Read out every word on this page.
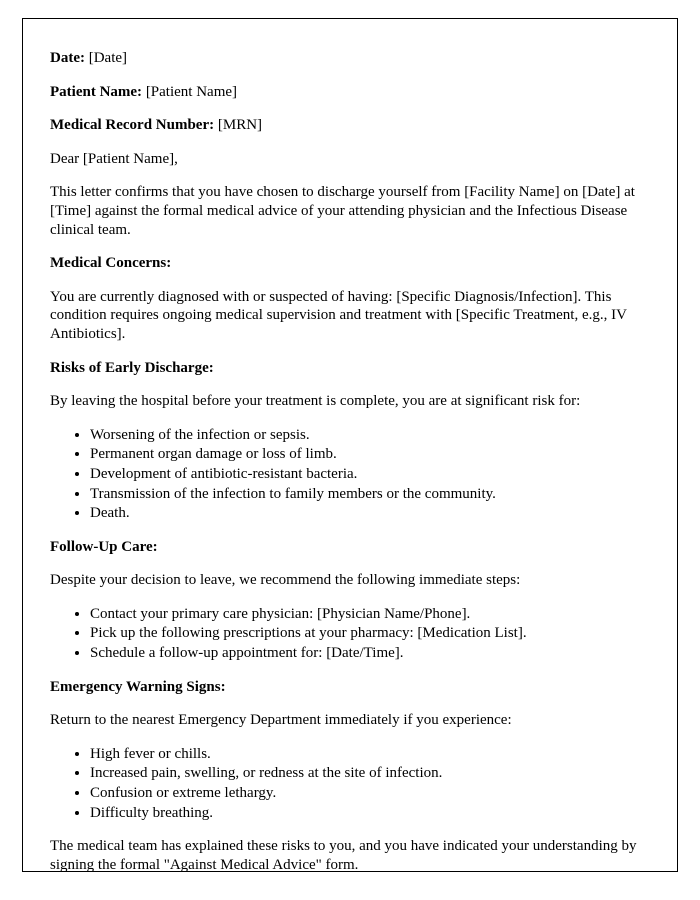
Date: [Date]

Patient Name: [Patient Name]

Medical Record Number: [MRN]

Dear [Patient Name],

This letter confirms that you have chosen to discharge yourself from [Facility Name] on [Date] at [Time] against the formal medical advice of your attending physician and the Infectious Disease clinical team.

Medical Concerns:

You are currently diagnosed with or suspected of having: [Specific Diagnosis/Infection]. This condition requires ongoing medical supervision and treatment with [Specific Treatment, e.g., IV Antibiotics].

Risks of Early Discharge:

By leaving the hospital before your treatment is complete, you are at significant risk for:

• Worsening of the infection or sepsis.
• Permanent organ damage or loss of limb.
• Development of antibiotic-resistant bacteria.
• Transmission of the infection to family members or the community.
• Death.

Follow-Up Care:

Despite your decision to leave, we recommend the following immediate steps:

• Contact your primary care physician: [Physician Name/Phone].
• Pick up the following prescriptions at your pharmacy: [Medication List].
• Schedule a follow-up appointment for: [Date/Time].

Emergency Warning Signs:

Return to the nearest Emergency Department immediately if you experience:

• High fever or chills.
• Increased pain, swelling, or redness at the site of infection.
• Confusion or extreme lethargy.
• Difficulty breathing.

The medical team has explained these risks to you, and you have indicated your understanding by signing the formal "Against Medical Advice" form.
